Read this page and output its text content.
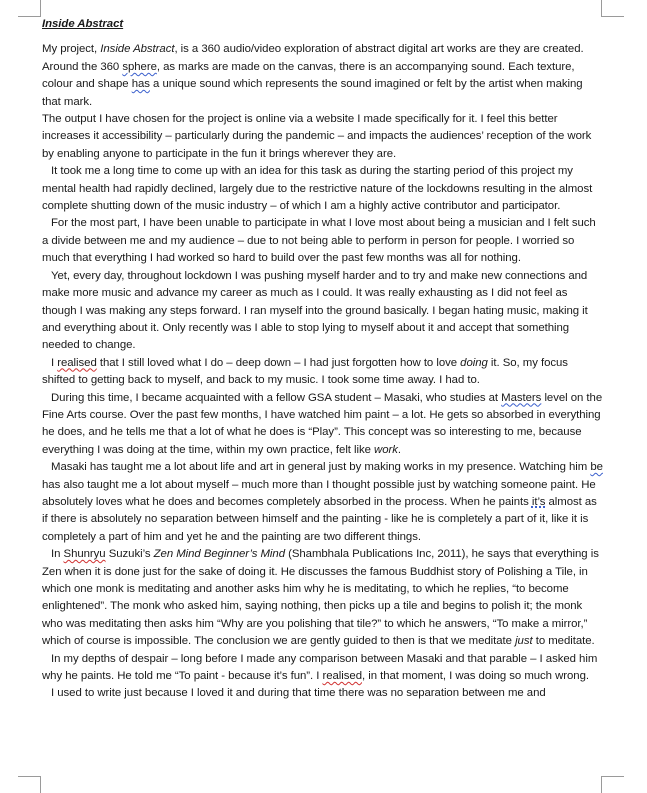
Inside Abstract

My project, Inside Abstract, is a 360 audio/video exploration of abstract digital art works are they are created. Around the 360 sphere, as marks are made on the canvas, there is an accompanying sound. Each texture, colour and shape has a unique sound which represents the sound imagined or felt by the artist when making that mark.

The output I have chosen for the project is online via a website I made specifically for it. I feel this better increases it accessibility – particularly during the pandemic – and impacts the audiences’ reception of the work by enabling anyone to participate in the fun it brings wherever they are.

It took me a long time to come up with an idea for this task as during the starting period of this project my mental health had rapidly declined, largely due to the restrictive nature of the lockdowns resulting in the almost complete shutting down of the music industry – of which I am a highly active contributor and participator.

For the most part, I have been unable to participate in what I love most about being a musician and I felt such a divide between me and my audience – due to not being able to perform in person for people. I worried so much that everything I had worked so hard to build over the past few months was all for nothing.

Yet, every day, throughout lockdown I was pushing myself harder and to try and make new connections and make more music and advance my career as much as I could. It was really exhausting as I did not feel as though I was making any steps forward. I ran myself into the ground basically. I began hating music, making it and everything about it. Only recently was I able to stop lying to myself about it and accept that something needed to change.

I realised that I still loved what I do – deep down – I had just forgotten how to love doing it. So, my focus shifted to getting back to myself, and back to my music. I took some time away. I had to.

During this time, I became acquainted with a fellow GSA student – Masaki, who studies at Masters level on the Fine Arts course. Over the past few months, I have watched him paint – a lot. He gets so absorbed in everything he does, and he tells me that a lot of what he does is “Play”. This concept was so interesting to me, because everything I was doing at the time, within my own practice, felt like work.

Masaki has taught me a lot about life and art in general just by making works in my presence. Watching him be has also taught me a lot about myself – much more than I thought possible just by watching someone paint. He absolutely loves what he does and becomes completely absorbed in the process. When he paints it’s almost as if there is absolutely no separation between himself and the painting - like he is completely a part of it, like it is completely a part of him and yet he and the painting are two different things.

In Shunryu Suzuki’s Zen Mind Beginner’s Mind (Shambhala Publications Inc, 2011), he says that everything is Zen when it is done just for the sake of doing it. He discusses the famous Buddhist story of Polishing a Tile, in which one monk is meditating and another asks him why he is meditating, to which he replies, “to become enlightened”. The monk who asked him, saying nothing, then picks up a tile and begins to polish it; the monk who was meditating then asks him “Why are you polishing that tile?” to which he answers, “To make a mirror,” which of course is impossible. The conclusion we are gently guided to then is that we meditate just to meditate.

In my depths of despair – long before I made any comparison between Masaki and that parable – I asked him why he paints. He told me “To paint - because it’s fun”. I realised, in that moment, I was doing so much wrong.

I used to write just because I loved it and during that time there was no separation between me and
